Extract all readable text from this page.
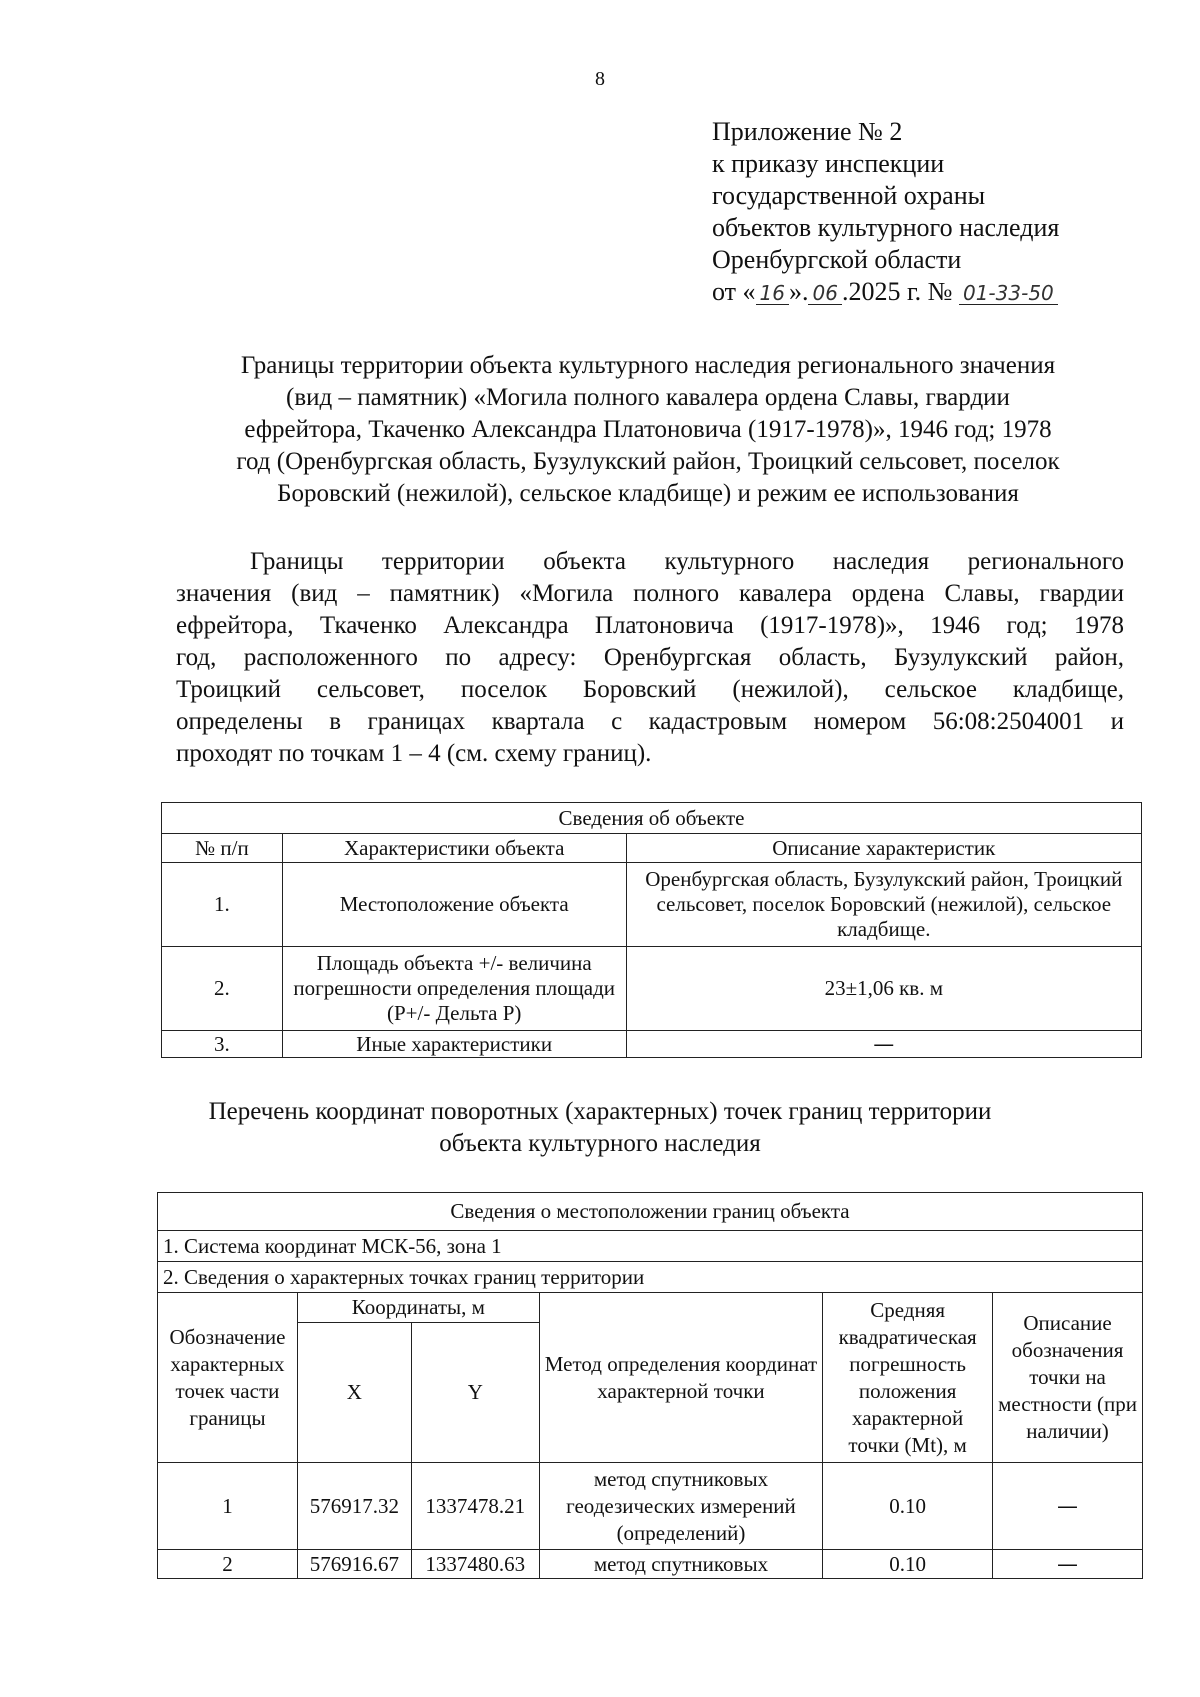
8
Приложение № 2
к приказу инспекции
государственной охраны
объектов культурного наследия
Оренбургской области
от « 16 ». 06 .2025 г. № 01-33-50
Границы территории объекта культурного наследия регионального значения
(вид – памятник) «Могила полного кавалера ордена Славы, гвардии
ефрейтора, Ткаченко Александра Платоновича (1917-1978)», 1946 год; 1978
год (Оренбургская область, Бузулукский район, Троицкий сельсовет, поселок
Боровский (нежилой), сельское кладбище) и режим ее использования
Границы территории объекта культурного наследия регионального
значения (вид – памятник) «Могила полного кавалера ордена Славы, гвардии
ефрейтора, Ткаченко Александра Платоновича (1917-1978)», 1946 год; 1978
год, расположенного по адресу: Оренбургская область, Бузулукский район,
Троицкий сельсовет, поселок Боровский (нежилой), сельское кладбище,
определены в границах квартала с кадастровым номером 56:08:2504001 и
проходят по точкам 1 – 4 (см. схему границ).
Сведения об объекте		
№ п/п	Характеристики объекта	Описание характеристик
1.	Местоположение объекта	Оренбургская область, Бузулукский район, Троицкий сельсовет, поселок Боровский (нежилой), сельское кладбище.
2.	Площадь объекта +/- величина погрешности определения площади (P+/- Дельта P)	23±1,06 кв. м
3.	Иные характеристики	—
Перечень координат поворотных (характерных) точек границ территории
объекта культурного наследия
Сведения о местоположении границ объекта					
1. Система координат МСК-56, зона 1					
2. Сведения о характерных точках границ территории					
Обозначение характерных точек части границы	Координаты, м		Метод определения координат характерной точки	Средняя квадратическая погрешность положения характерной точки (Mt), м	Описание обозначения точки на местности (при наличии)
	X	Y			
1	576917.32	1337478.21	метод спутниковых геодезических измерений (определений)	0.10	—
2	576916.67	1337480.63	метод спутниковых	0.10	—
